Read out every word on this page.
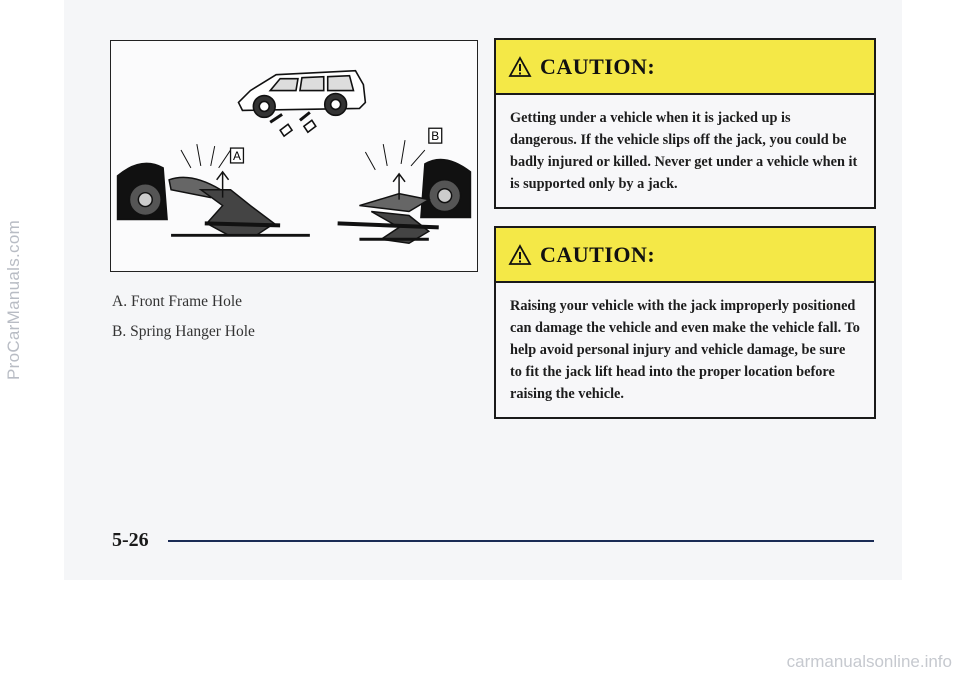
ProCarManuals.com
A
B
A. Front Frame Hole
B. Spring Hanger Hole
CAUTION:
Getting under a vehicle when it is jacked up is dangerous. If the vehicle slips off the jack, you could be badly injured or killed. Never get under a vehicle when it is supported only by a jack.
CAUTION:
Raising your vehicle with the jack improperly positioned can damage the vehicle and even make the vehicle fall. To help avoid personal injury and vehicle damage, be sure to fit the jack lift head into the proper location before raising the vehicle.
5-26
carmanualsonline.info
